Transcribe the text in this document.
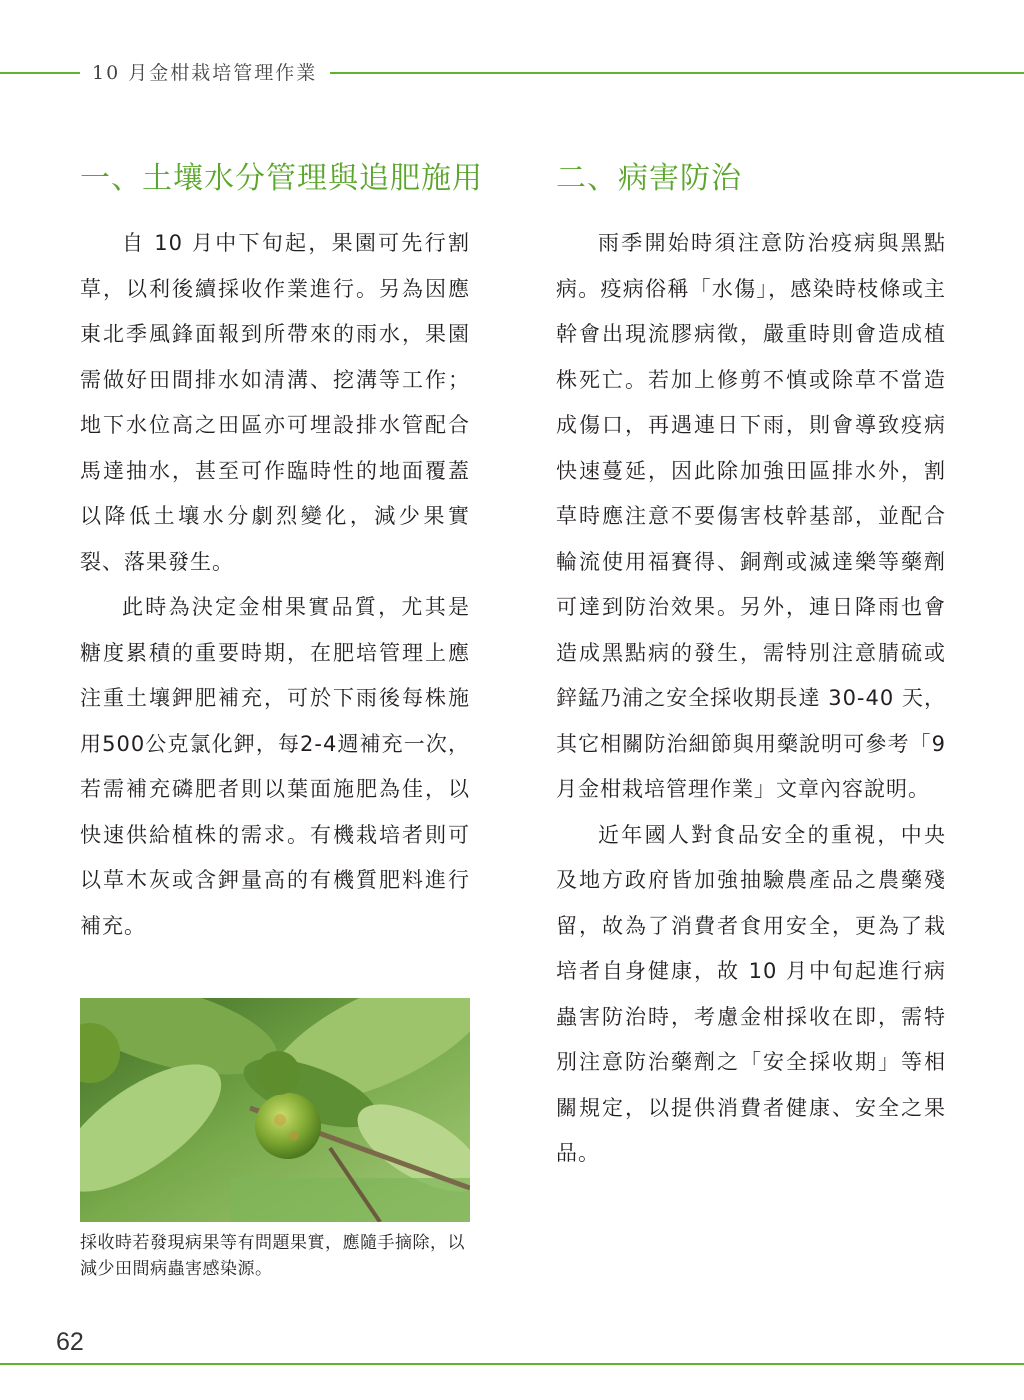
10 月金柑栽培管理作業
一、土壤水分管理與追肥施用

自 10 月中下旬起，果園可先行割草，以利後續採收作業進行。另為因應東北季風鋒面報到所帶來的雨水，果園需做好田間排水如清溝、挖溝等工作；地下水位高之田區亦可埋設排水管配合馬達抽水，甚至可作臨時性的地面覆蓋以降低土壤水分劇烈變化，減少果實裂、落果發生。

此時為決定金柑果實品質，尤其是糖度累積的重要時期，在肥培管理上應注重土壤鉀肥補充，可於下雨後每株施用500公克氯化鉀，每2-4週補充一次，若需補充磷肥者則以葉面施肥為佳，以快速供給植株的需求。有機栽培者則可以草木灰或含鉀量高的有機質肥料進行補充。

二、病害防治

雨季開始時須注意防治疫病與黑點病。疫病俗稱「水傷」，感染時枝條或主幹會出現流膠病徵，嚴重時則會造成植株死亡。若加上修剪不慎或除草不當造成傷口，再遇連日下雨，則會導致疫病快速蔓延，因此除加強田區排水外，割草時應注意不要傷害枝幹基部，並配合輪流使用福賽得、銅劑或滅達樂等藥劑可達到防治效果。另外，連日降雨也會造成黑點病的發生，需特別注意腈硫或鋅錳乃浦之安全採收期長達 30-40 天，其它相關防治細節與用藥說明可參考「9 月金柑栽培管理作業」文章內容說明。

近年國人對食品安全的重視，中央及地方政府皆加強抽驗農產品之農藥殘留，故為了消費者食用安全，更為了栽培者自身健康，故 10 月中旬起進行病蟲害防治時，考慮金柑採收在即，需特別注意防治藥劑之「安全採收期」等相關規定，以提供消費者健康、安全之果品。

採收時若發現病果等有問題果實，應隨手摘除，以減少田間病蟲害感染源。
62
